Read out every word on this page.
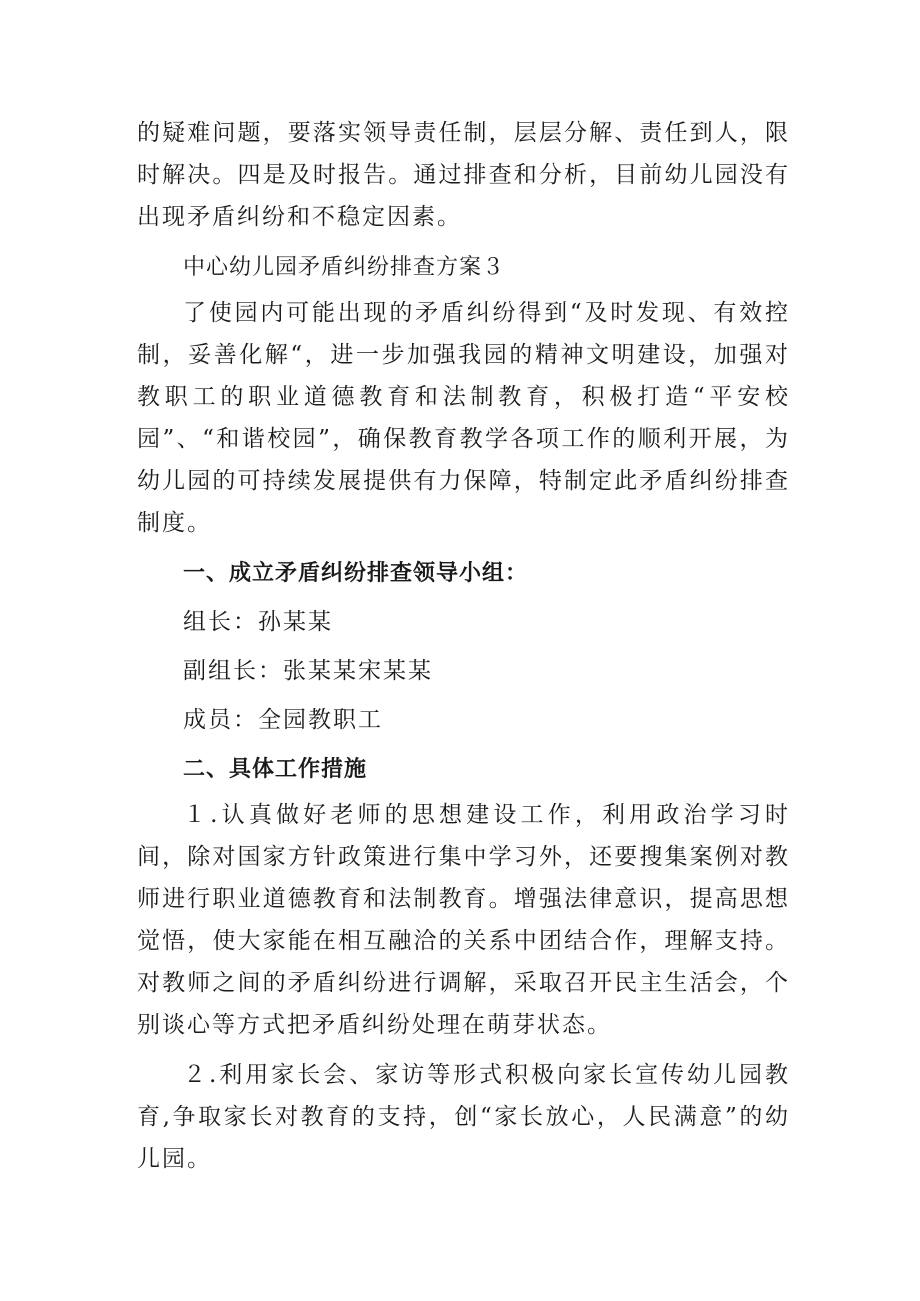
的疑难问题，要落实领导责任制，层层分解、责任到人，限时解决。四是及时报告。通过排查和分析，目前幼儿园没有出现矛盾纠纷和不稳定因素。

中心幼儿园矛盾纠纷排查方案３

了使园内可能出现的矛盾纠纷得到“及时发现、有效控制，妥善化解“，进一步加强我园的精神文明建设，加强对教职工的职业道德教育和法制教育，积极打造“平安校园”、“和谐校园”，确保教育教学各项工作的顺利开展，为幼儿园的可持续发展提供有力保障，特制定此矛盾纠纷排查制度。

一、成立矛盾纠纷排查领导小组：

组长：孙某某

副组长：张某某宋某某

成员：全园教职工

二、具体工作措施

１.认真做好老师的思想建设工作，利用政治学习时间，除对国家方针政策进行集中学习外，还要搜集案例对教师进行职业道德教育和法制教育。增强法律意识，提高思想觉悟，使大家能在相互融洽的关系中团结合作，理解支持。对教师之间的矛盾纠纷进行调解，采取召开民主生活会，个别谈心等方式把矛盾纠纷处理在萌芽状态。

２.利用家长会、家访等形式积极向家长宣传幼儿园教育,争取家长对教育的支持，创“家长放心，人民满意”的幼儿园。
